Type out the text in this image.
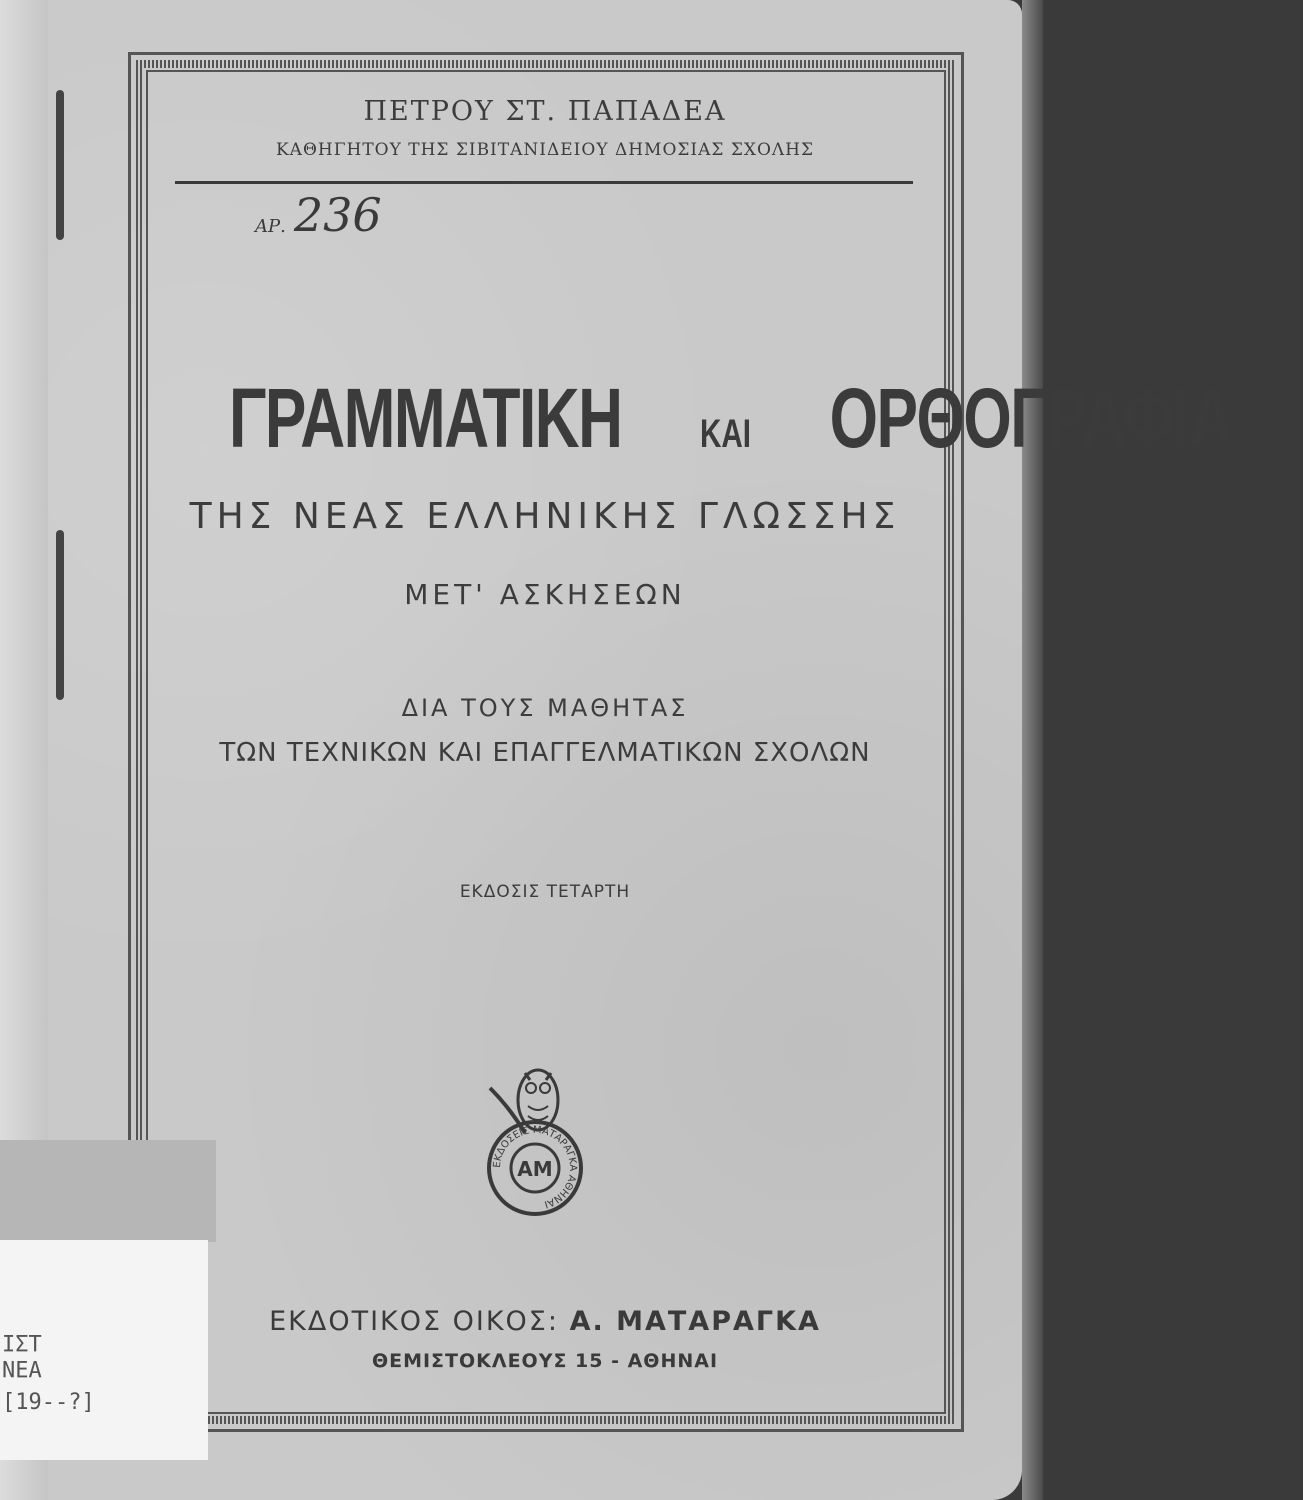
ΠΕΤΡΟΥ ΣΤ. ΠΑΠΑΔΕΑ
ΚΑΘΗΓΗΤΟΥ ΤΗΣ ΣΙΒΙΤΑΝΙΔΕΙΟΥ ΔΗΜΟΣΙΑΣ ΣΧΟΛΗΣ
ΑΡ. 236
ΓΡΑΜΜΑΤΙΚΗ ΚΑΙ ΟΡΘΟΓΡΑΦΙΑ
ΤΗΣ ΝΕΑΣ ΕΛΛΗΝΙΚΗΣ ΓΛΩΣΣΗΣ
ΜΕΤ' ΑΣΚΗΣΕΩΝ
ΔΙΑ ΤΟΥΣ ΜΑΘΗΤΑΣ
ΤΩΝ ΤΕΧΝΙΚΩΝ ΚΑΙ ΕΠΑΓΓΕΛΜΑΤΙΚΩΝ ΣΧΟΛΩΝ
ΕΚΔΟΣΙΣ ΤΕΤΑΡΤΗ
ΑΜ
ΕΚΔΟΣΕΙΣ ΜΑΤΑΡΑΓΚΑ ΑΘΗΝΑΙ
ΕΚΔΟΤΙΚΟΣ ΟΙΚΟΣ: Α. ΜΑΤΑΡΑΓΚΑ
ΘΕΜΙΣΤΟΚΛΕΟΥΣ 15 - ΑΘΗΝΑΙ
ΙΣΤ
ΝΕΑ
[19--?]
